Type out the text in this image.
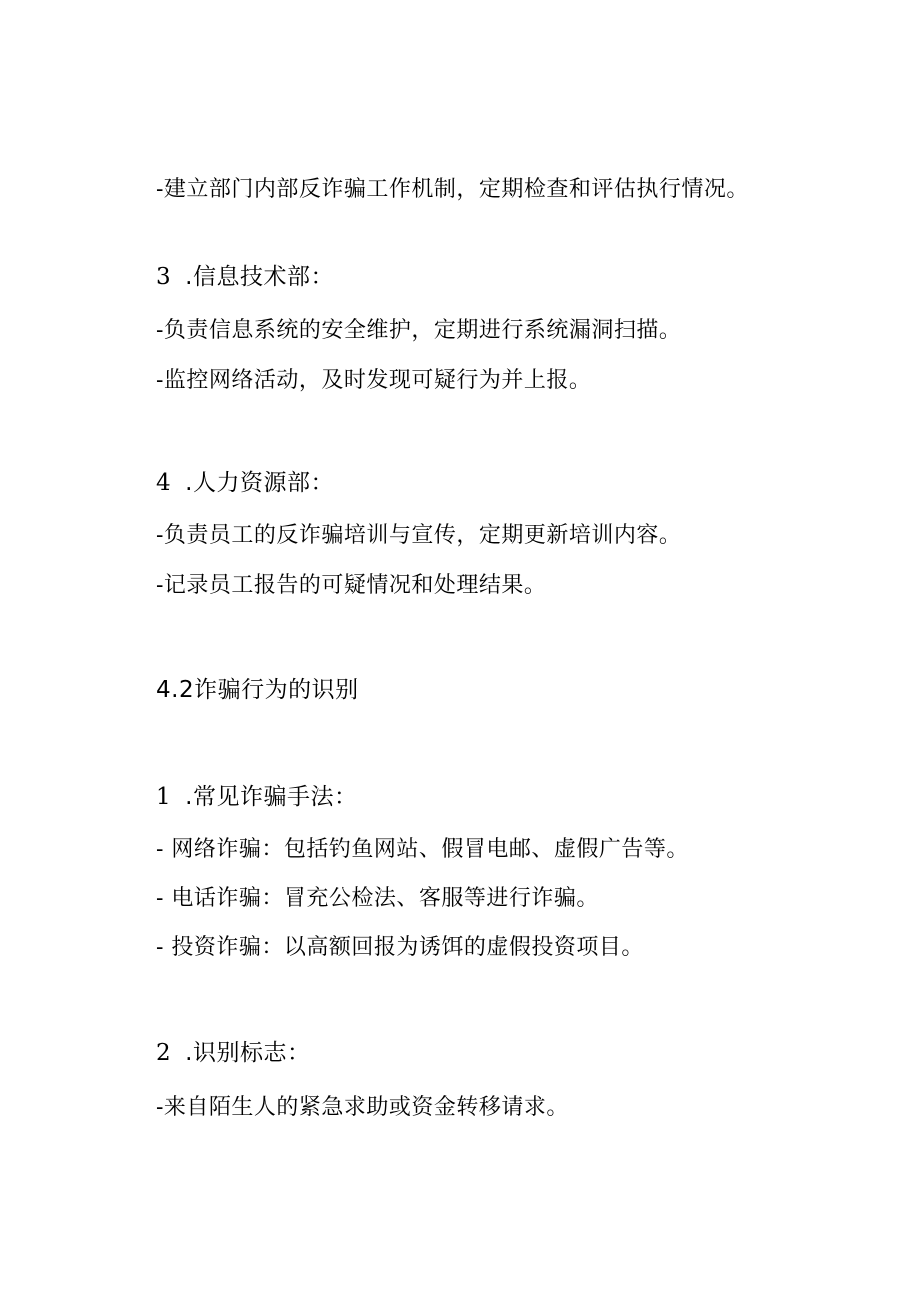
-建立部门内部反诈骗工作机制，定期检查和评估执行情况。
3 .信息技术部：
-负责信息系统的安全维护，定期进行系统漏洞扫描。
-监控网络活动，及时发现可疑行为并上报。
4 .人力资源部：
-负责员工的反诈骗培训与宣传，定期更新培训内容。
-记录员工报告的可疑情况和处理结果。
4.2诈骗行为的识别
1 .常见诈骗手法：
- 网络诈骗：包括钓鱼网站、假冒电邮、虚假广告等。
- 电话诈骗：冒充公检法、客服等进行诈骗。
- 投资诈骗：以高额回报为诱饵的虚假投资项目。
2 .识别标志：
-来自陌生人的紧急求助或资金转移请求。
